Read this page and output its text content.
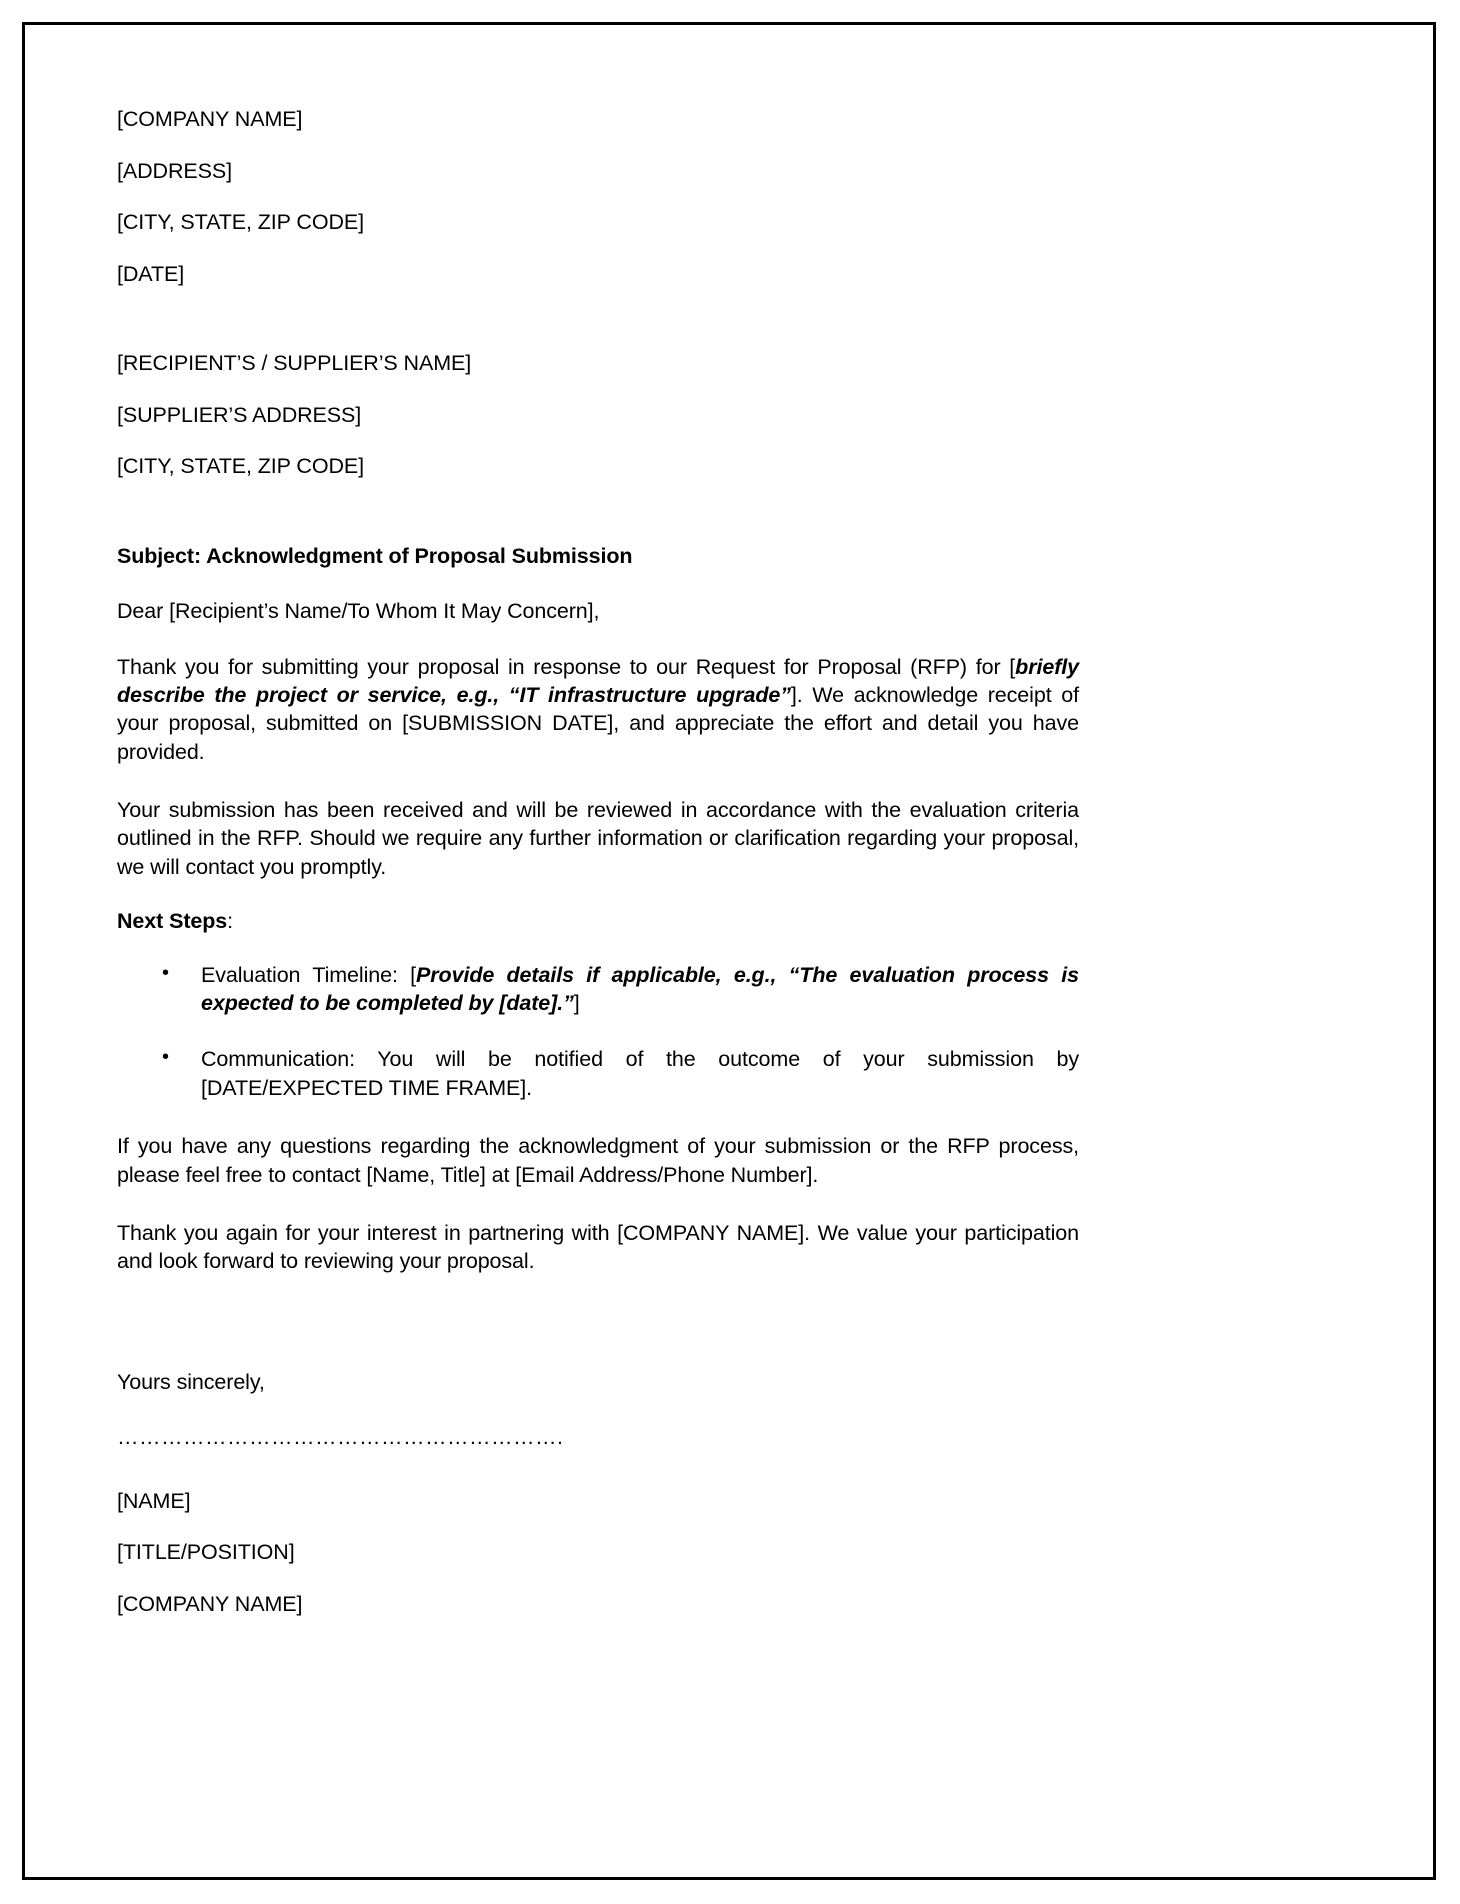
[COMPANY NAME]
[ADDRESS]
[CITY, STATE, ZIP CODE]
[DATE]
[RECIPIENT’S / SUPPLIER’S NAME]
[SUPPLIER’S ADDRESS]
[CITY, STATE, ZIP CODE]
Subject: Acknowledgment of Proposal Submission
Dear [Recipient’s Name/To Whom It May Concern],

Thank you for submitting your proposal in response to our Request for Proposal (RFP) for [briefly describe the project or service, e.g., “IT infrastructure upgrade”]. We acknowledge receipt of your proposal, submitted on [SUBMISSION DATE], and appreciate the effort and detail you have provided.

Your submission has been received and will be reviewed in accordance with the evaluation criteria outlined in the RFP. Should we require any further information or clarification regarding your proposal, we will contact you promptly.

Next Steps:
• Evaluation Timeline: [Provide details if applicable, e.g., “The evaluation process is expected to be completed by [date].”]
• Communication: You will be notified of the outcome of your submission by [DATE/EXPECTED TIME FRAME].

If you have any questions regarding the acknowledgment of your submission or the RFP process, please feel free to contact [Name, Title] at [Email Address/Phone Number].

Thank you again for your interest in partnering with [COMPANY NAME]. We value your participation and look forward to reviewing your proposal.

Yours sincerely,
…………………………………………………….
[NAME]
[TITLE/POSITION]
[COMPANY NAME]
